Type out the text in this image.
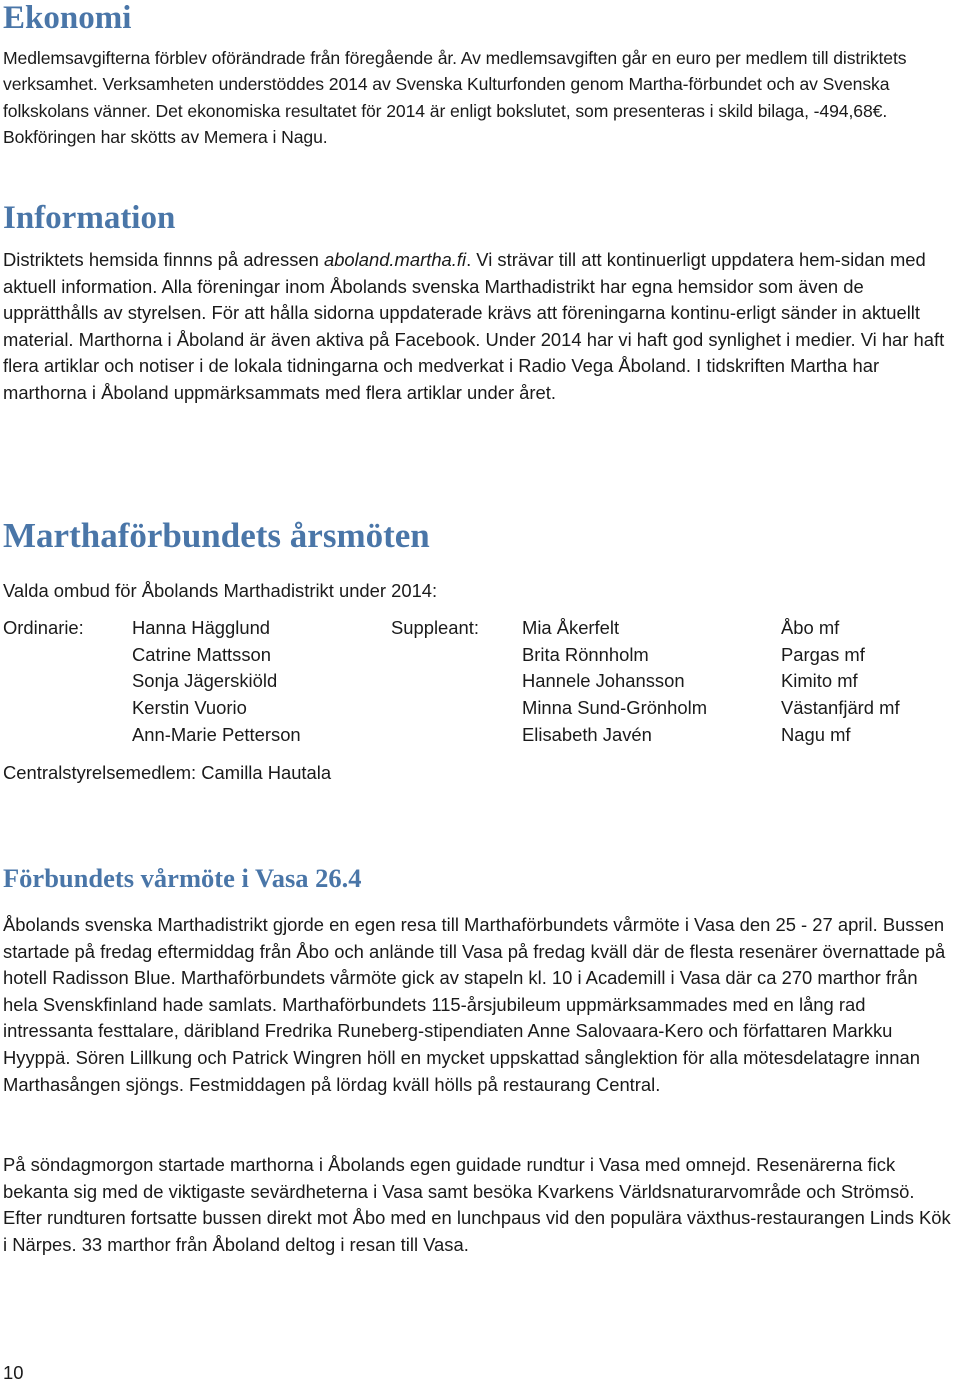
Ekonomi
Medlemsavgifterna förblev oförändrade från föregående år. Av medlemsavgiften går en euro per medlem till distriktets verksamhet. Verksamheten understöddes 2014 av Svenska Kulturfonden genom Martha-förbundet och av Svenska folkskolans vänner. Det ekonomiska resultatet för 2014 är enligt bokslutet, som presenteras i skild bilaga, -494,68€. Bokföringen har skötts av Memera i Nagu.
Information
Distriktets hemsida finnns på adressen aboland.martha.fi. Vi strävar till att kontinuerligt uppdatera hem-sidan med aktuell information. Alla föreningar inom Åbolands svenska Marthadistrikt har egna hemsidor som även de upprätthålls av styrelsen. För att hålla sidorna uppdaterade krävs att föreningarna kontinu-erligt sänder in aktuellt material. Marthorna i Åboland är även aktiva på Facebook. Under 2014 har vi haft god synlighet i medier. Vi har haft flera artiklar och notiser i de lokala tidningarna och medverkat i Radio Vega Åboland. I tidskriften Martha har marthorna i Åboland uppmärksammats med flera artiklar under året.
Marthaförbundets årsmöten
Valda ombud för Åbolands Marthadistrikt under 2014:
Ordinarie:	Hanna Hägglund
Catrine Mattsson
Sonja Jägerskiöld
Kerstin Vuorio
Ann-Marie Petterson
Suppleant: Mia Åkerfelt
Brita Rönnholm
Hannele Johansson
Minna Sund-Grönholm
Elisabeth Javén
Åbo mf
Pargas mf
Kimito mf
Västanfjärd mf
Nagu mf
Centralstyrelsemedlem: Camilla Hautala
Förbundets vårmöte i Vasa 26.4
Åbolands svenska Marthadistrikt gjorde en egen resa till Marthaförbundets vårmöte i Vasa den 25 - 27 april. Bussen startade på fredag eftermiddag från Åbo och anlände till Vasa på fredag kväll där de flesta resenärer övernattade på hotell Radisson Blue. Marthaförbundets vårmöte gick av stapeln kl. 10 i Academill i Vasa där ca 270 marthor från hela Svenskfinland hade samlats. Marthaförbundets 115-årsjubileum uppmärksammades med en lång rad intressanta festtalare, däribland Fredrika Runeberg-stipendiaten Anne Salovaara-Kero och författaren Markku Hyyppä. Sören Lillkung och Patrick Wingren höll en mycket uppskattad sånglektion för alla mötesdelatagre innan Marthasången sjöngs. Festmiddagen på lördag kväll hölls på restaurang Central.
På söndagmorgon startade marthorna i Åbolands egen guidade rundtur i Vasa med omnejd. Resenärerna fick bekanta sig med de viktigaste sevärdheterna i Vasa samt besöka Kvarkens Världsnaturarvområde och Strömsö. Efter rundturen fortsatte bussen direkt mot Åbo med en lunchpaus vid den populära växthus-restaurangen Linds Kök i Närpes. 33 marthor från Åboland deltog i resan till Vasa.
10
